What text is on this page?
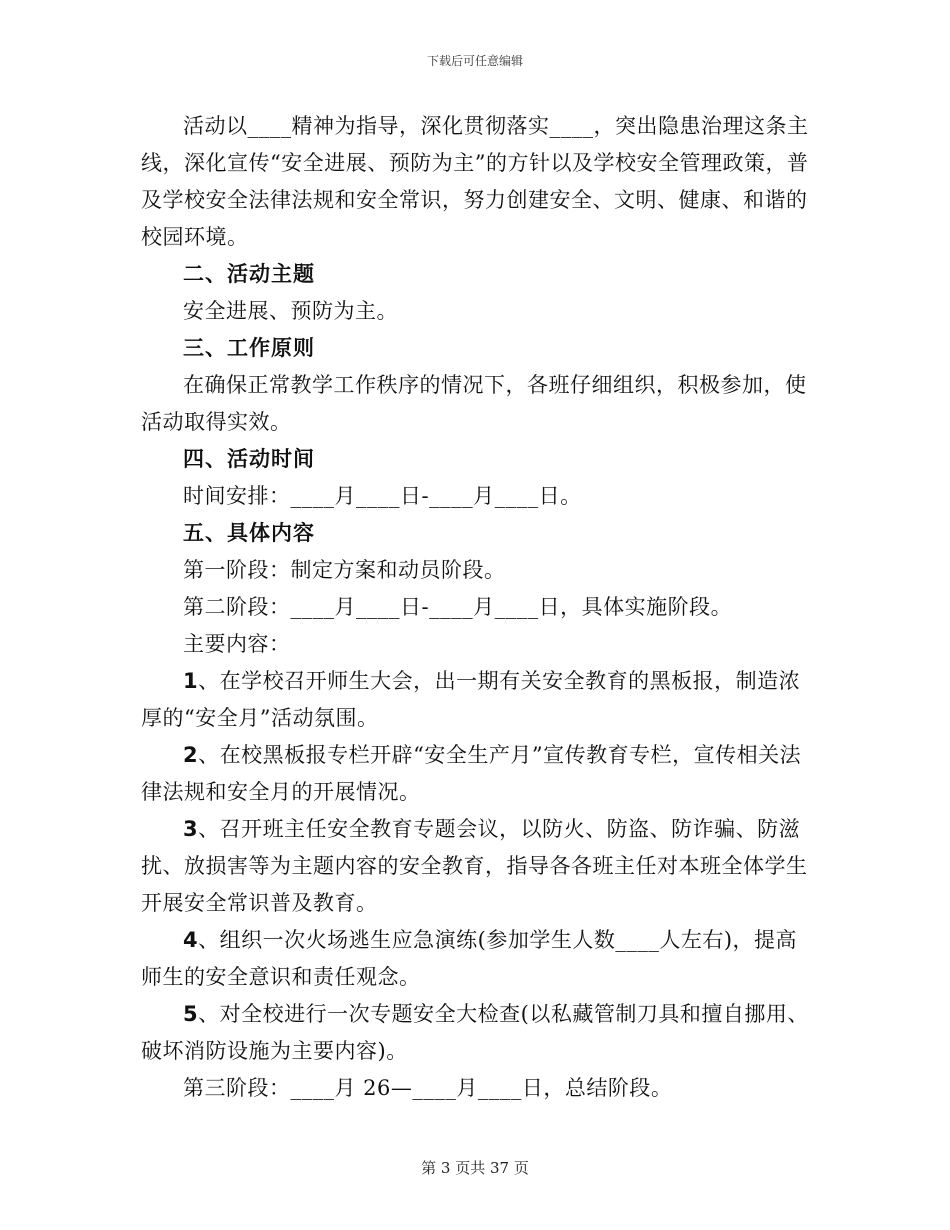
下载后可任意编辑

活动以____精神为指导，深化贯彻落实____，突出隐患治理这条主线，深化宣传“安全进展、预防为主”的方针以及学校安全管理政策，普及学校安全法律法规和安全常识，努力创建安全、文明、健康、和谐的校园环境。

二、活动主题

安全进展、预防为主。

三、工作原则

在确保正常教学工作秩序的情况下，各班仔细组织，积极参加，使活动取得实效。

四、活动时间

时间安排：____月____日-____月____日。

五、具体内容

第一阶段：制定方案和动员阶段。

第二阶段：____月____日-____月____日，具体实施阶段。

主要内容：

1、在学校召开师生大会，出一期有关安全教育的黑板报，制造浓厚的“安全月”活动氛围。

2、在校黑板报专栏开辟“安全生产月”宣传教育专栏，宣传相关法律法规和安全月的开展情况。

3、召开班主任安全教育专题会议，以防火、防盗、防诈骗、防滋扰、放损害等为主题内容的安全教育，指导各各班主任对本班全体学生开展安全常识普及教育。

4、组织一次火场逃生应急演练(参加学生人数____人左右)，提高师生的安全意识和责任观念。

5、对全校进行一次专题安全大检查(以私藏管制刀具和擅自挪用、破坏消防设施为主要内容)。

第三阶段：____月 26—____月____日，总结阶段。

第 3 页共 37 页
